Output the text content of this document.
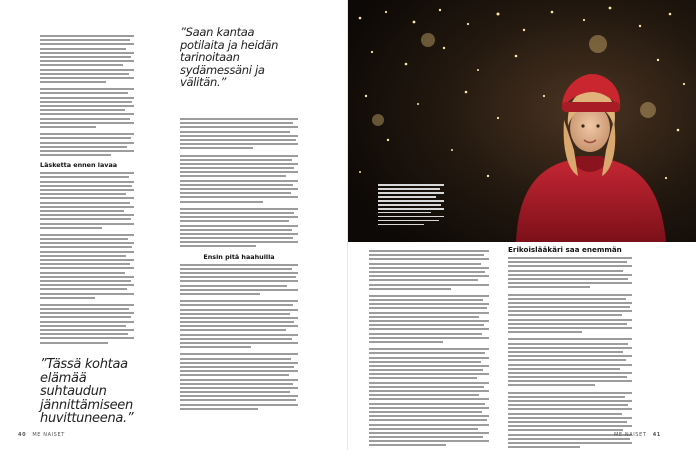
Läsketta ennen lavaa
Ensin pitä haahuilla
”Saan kantaa potilaita ja heidän tarinoitaan sydämessäni ja välitän.”
”Tässä kohtaa elämää suhtaudun jännittämiseen huvittuneena.”
Erikoislääkäri saa enemmän
40 ME NAISET	ME NAISET 41
